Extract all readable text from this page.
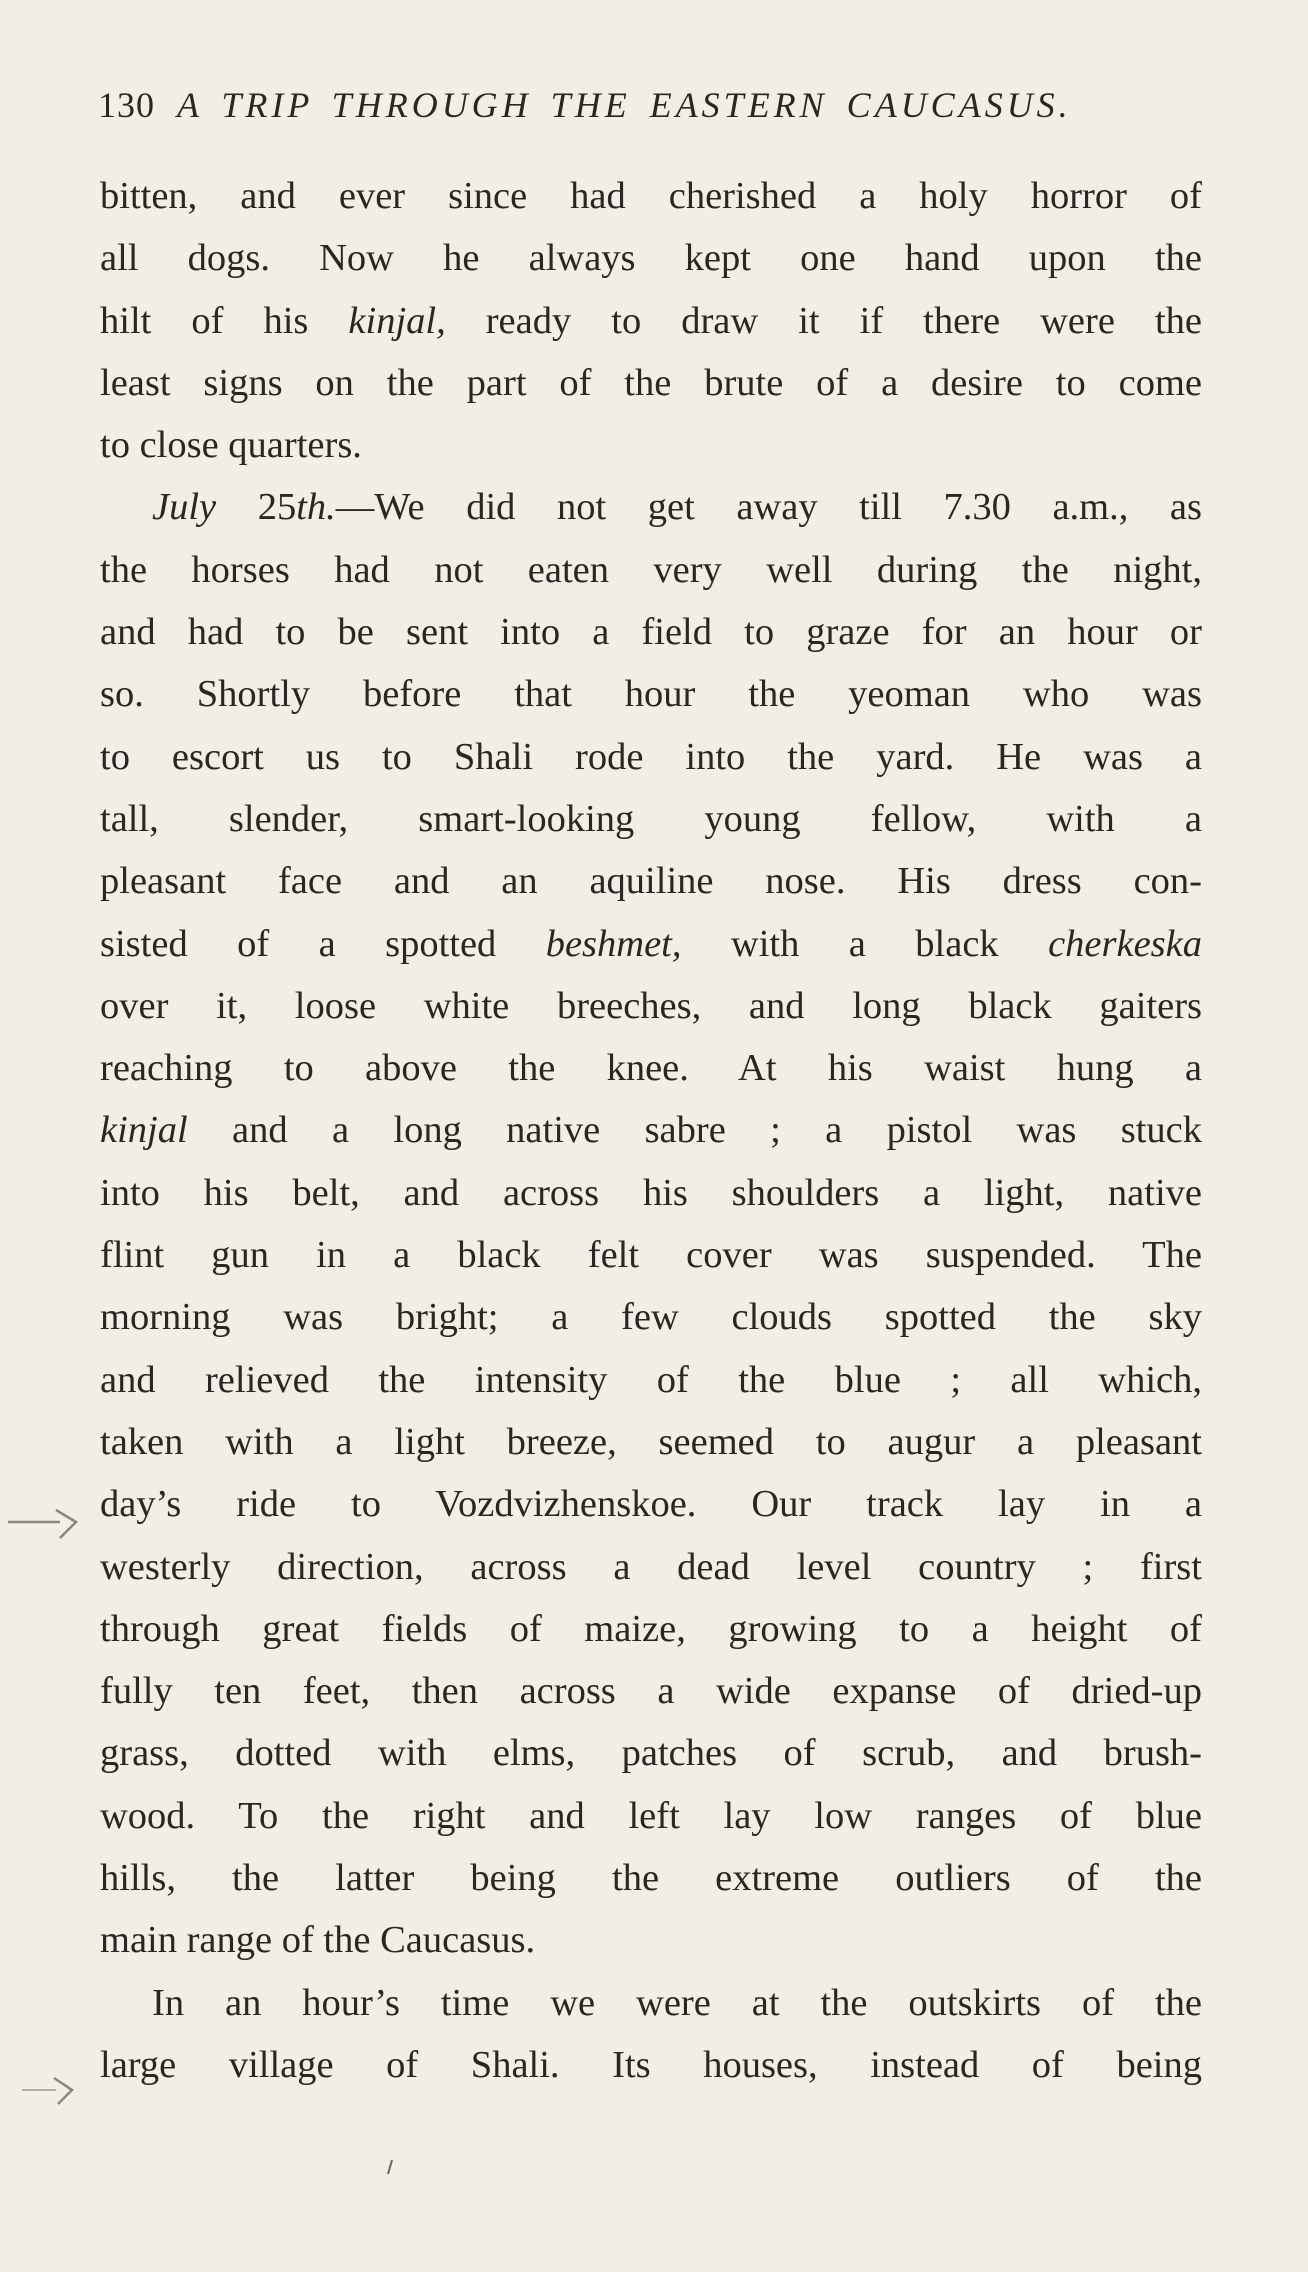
130 A TRIP THROUGH THE EASTERN CAUCASUS.
bitten, and ever since had cherished a holy horror of
all dogs. Now he always kept one hand upon the
hilt of his kinjal, ready to draw it if there were the
least signs on the part of the brute of a desire to come
to close quarters.
July 25th.—We did not get away till 7.30 a.m., as
the horses had not eaten very well during the night,
and had to be sent into a field to graze for an hour or
so. Shortly before that hour the yeoman who was
to escort us to Shali rode into the yard. He was a
tall, slender, smart-looking young fellow, with a
pleasant face and an aquiline nose. His dress con-
sisted of a spotted beshmet, with a black cherkeska
over it, loose white breeches, and long black gaiters
reaching to above the knee. At his waist hung a
kinjal and a long native sabre ; a pistol was stuck
into his belt, and across his shoulders a light, native
flint gun in a black felt cover was suspended. The
morning was bright; a few clouds spotted the sky
and relieved the intensity of the blue ; all which,
taken with a light breeze, seemed to augur a pleasant
day’s ride to Vozdvizhenskoe. Our track lay in a
westerly direction, across a dead level country ; first
through great fields of maize, growing to a height of
fully ten feet, then across a wide expanse of dried-up
grass, dotted with elms, patches of scrub, and brush-
wood. To the right and left lay low ranges of blue
hills, the latter being the extreme outliers of the
main range of the Caucasus.
In an hour’s time we were at the outskirts of the
large village of Shali. Its houses, instead of being
